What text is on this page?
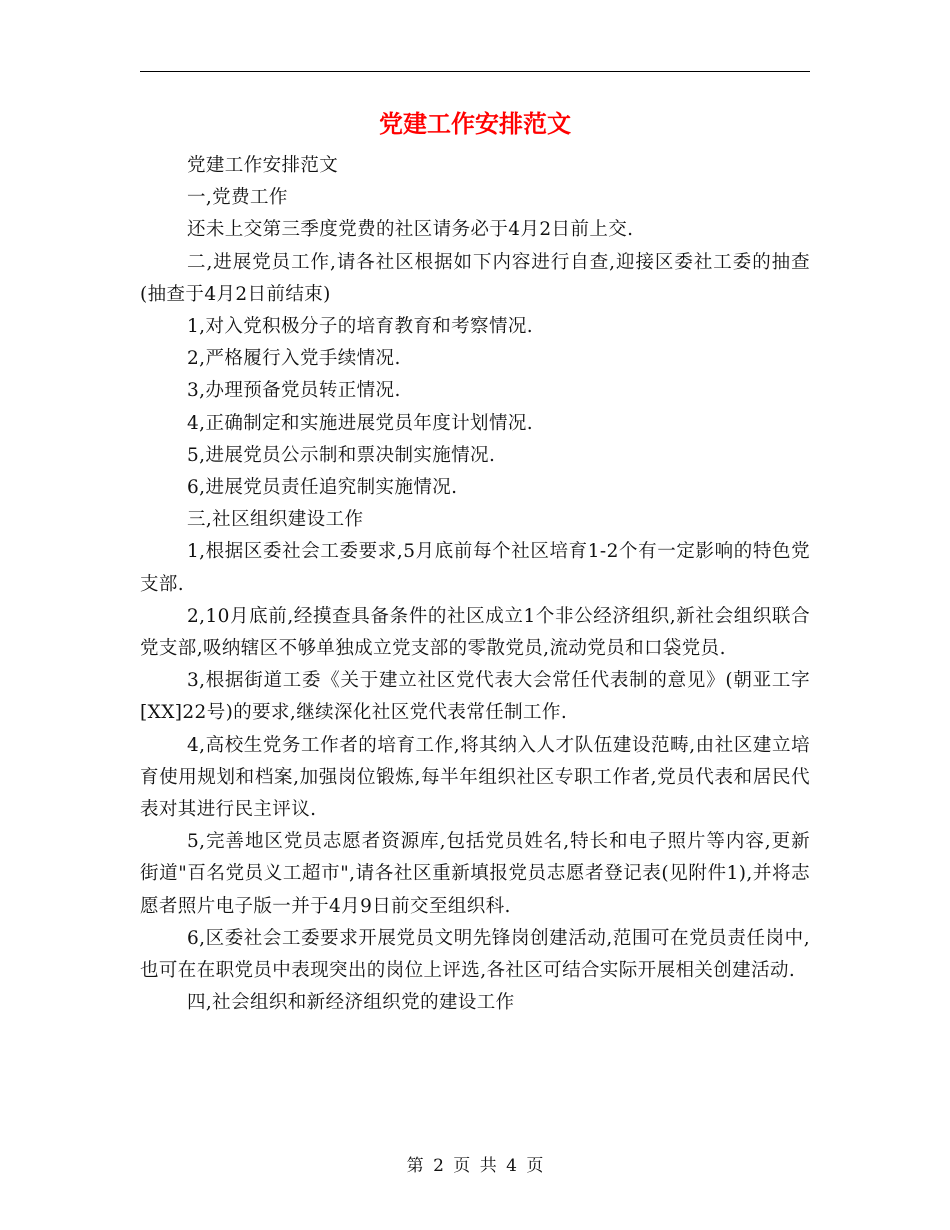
党建工作安排范文

党建工作安排范文

一,党费工作

还未上交第三季度党费的社区请务必于4月2日前上交.

二,进展党员工作,请各社区根据如下内容进行自查,迎接区委社工委的抽查(抽查于4月2日前结束)

1,对入党积极分子的培育教育和考察情况.

2,严格履行入党手续情况.

3,办理预备党员转正情况.

4,正确制定和实施进展党员年度计划情况.

5,进展党员公示制和票决制实施情况.

6,进展党员责任追究制实施情况.

三,社区组织建设工作

1,根据区委社会工委要求,5月底前每个社区培育1-2个有一定影响的特色党支部.

2,10月底前,经摸查具备条件的社区成立1个非公经济组织,新社会组织联合党支部,吸纳辖区不够单独成立党支部的零散党员,流动党员和口袋党员.

3,根据街道工委《关于建立社区党代表大会常任代表制的意见》(朝亚工字[XX]22号)的要求,继续深化社区党代表常任制工作.

4,高校生党务工作者的培育工作,将其纳入人才队伍建设范畴,由社区建立培育使用规划和档案,加强岗位锻炼,每半年组织社区专职工作者,党员代表和居民代表对其进行民主评议.

5,完善地区党员志愿者资源库,包括党员姓名,特长和电子照片等内容,更新街道"百名党员义工超市",请各社区重新填报党员志愿者登记表(见附件1),并将志愿者照片电子版一并于4月9日前交至组织科.

6,区委社会工委要求开展党员文明先锋岗创建活动,范围可在党员责任岗中,也可在在职党员中表现突出的岗位上评选,各社区可结合实际开展相关创建活动.

四,社会组织和新经济组织党的建设工作

第 2 页 共 4 页
